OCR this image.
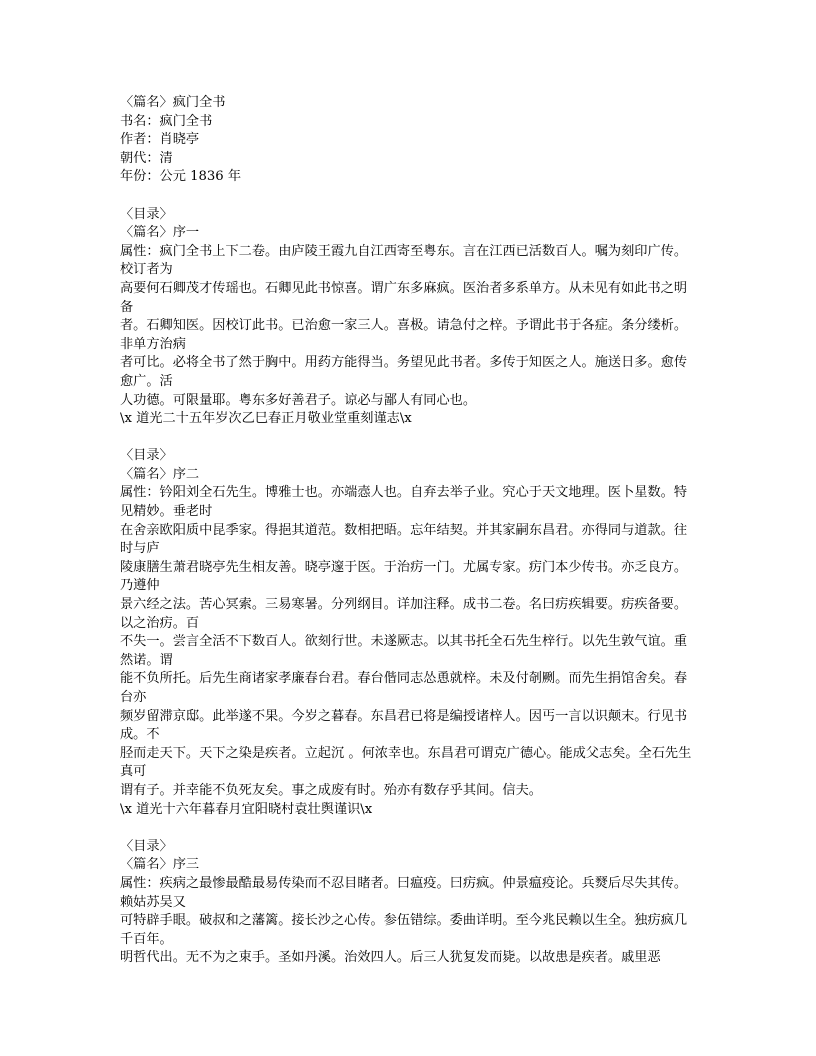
〈篇名〉疯门全书
书名：疯门全书
作者：肖晓亭
朝代：清
年份：公元 1836 年
〈目录〉
〈篇名〉序一
属性：疯门全书上下二卷。由庐陵王霞九自江西寄至粤东。言在江西已活数百人。嘱为刻印广传。校订者为
高要何石卿茂才传瑶也。石卿见此书惊喜。谓广东多麻疯。医治者多系单方。从未见有如此书之明备
者。石卿知医。因校订此书。已治愈一家三人。喜极。请急付之梓。予谓此书于各症。条分缕析。非单方治病
者可比。必将全书了然于胸中。用药方能得当。务望见此书者。多传于知医之人。施送日多。愈传愈广。活
人功德。可限量耶。粤东多好善君子。谅必与鄙人有同心也。
\x 道光二十五年岁次乙巳春正月敬业堂重刻谨志\x
〈目录〉
〈篇名〉序二
属性：钤阳刘全石先生。博雅士也。亦端悫人也。自弃去举子业。究心于天文地理。医卜星数。特见精妙。垂老时
在舍亲欧阳质中昆季家。得挹其道范。数相把晤。忘年结契。并其家嗣东昌君。亦得同与道款。往时与庐
陵康膳生萧君晓亭先生相友善。晓亭邃于医。于治疠一门。尤属专家。疠门本少传书。亦乏良方。乃遵仲
景六经之法。苦心冥索。三易寒暑。分列纲目。详加注释。成书二卷。名曰疠疾辑要。疠疾备要。以之治疠。百
不失一。尝言全活不下数百人。欲刻行世。未遂厥志。以其书托全石先生梓行。以先生敦气谊。重然诺。谓
能不负所托。后先生商诸家孝廉春台君。春台偕同志怂恿就梓。未及付剞劂。而先生捐馆舍矣。春台亦
频岁留滞京邸。此举遂不果。今岁之暮春。东昌君已将是编授诸梓人。因丐一言以识颠末。行见书成。不
胫而走天下。天下之染是疾者。立起沉 。何浓幸也。东昌君可谓克广德心。能成父志矣。全石先生真可
谓有子。并幸能不负死友矣。事之成废有时。殆亦有数存乎其间。信夫。
\x 道光十六年暮春月宜阳晓村袁壮舆谨识\x
〈目录〉
〈篇名〉序三
属性：疾病之最惨最酷最易传染而不忍目睹者。曰瘟疫。曰疠疯。仲景瘟疫论。兵燹后尽失其传。赖姑苏吴又
可特辟手眼。破叔和之藩篱。接长沙之心传。参伍错综。委曲详明。至今兆民赖以生全。独疠疯几千百年。
明哲代出。无不为之束手。圣如丹溪。治效四人。后三人犹复发而毙。以故患是疾者。戚里恶
